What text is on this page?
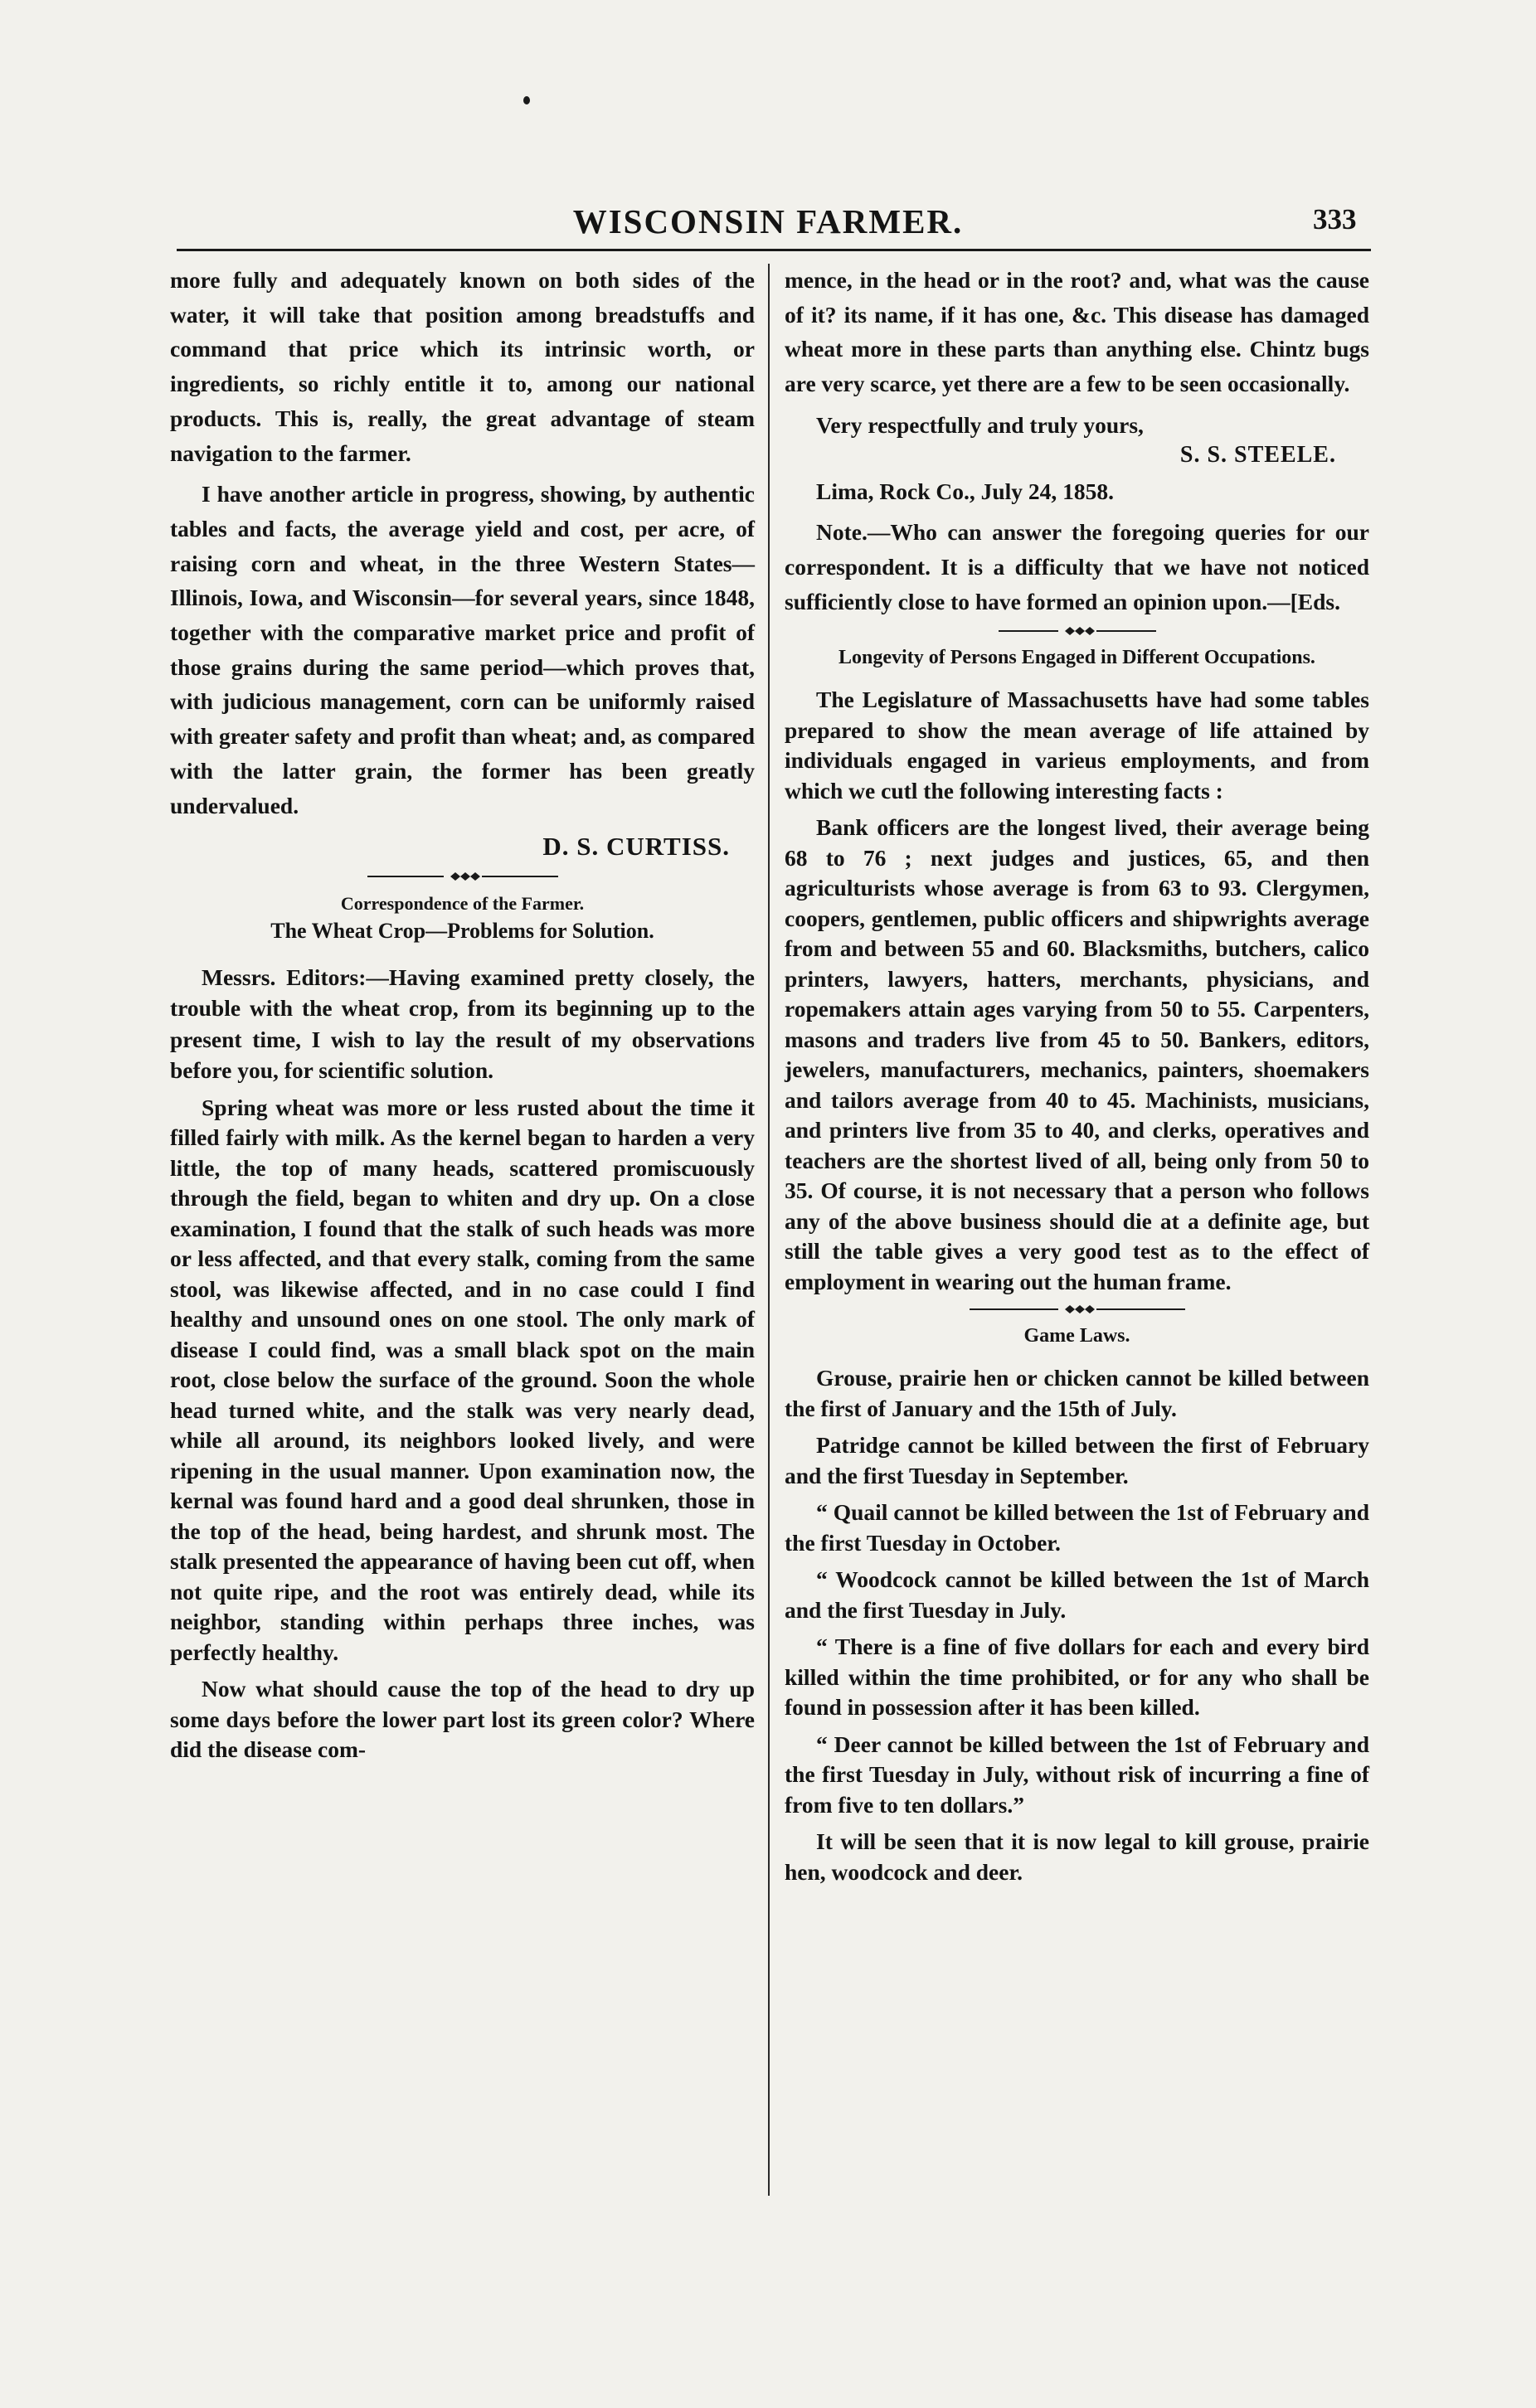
WISCONSIN FARMER.	333

more fully and adequately known on both sides of the water, it will take that position among breadstuffs and command that price which its intrinsic worth, or ingredients, so richly entitle it to, among our national products. This is, really, the great advantage of steam navigation to the farmer.

I have another article in progress, showing, by authentic tables and facts, the average yield and cost, per acre, of raising corn and wheat, in the three Western States—Illinois, Iowa, and Wisconsin—for several years, since 1848, together with the comparative market price and profit of those grains during the same period—which proves that, with judicious management, corn can be uniformly raised with greater safety and profit than wheat; and, as compared with the latter grain, the former has been greatly undervalued.

D. S. CURTISS.

Correspondence of the Farmer.

The Wheat Crop—Problems for Solution.

Messrs. Editors:—Having examined pretty closely, the trouble with the wheat crop, from its beginning up to the present time, I wish to lay the result of my observations before you, for scientific solution.

Spring wheat was more or less rusted about the time it filled fairly with milk. As the kernel began to harden a very little, the top of many heads, scattered promiscuously through the field, began to whiten and dry up. On a close examination, I found that the stalk of such heads was more or less affected, and that every stalk, coming from the same stool, was likewise affected, and in no case could I find healthy and unsound ones on one stool. The only mark of disease I could find, was a small black spot on the main root, close below the surface of the ground. Soon the whole head turned white, and the stalk was very nearly dead, while all around, its neighbors looked lively, and were ripening in the usual manner. Upon examination now, the kernal was found hard and a good deal shrunken, those in the top of the head, being hardest, and shrunk most. The stalk presented the appearance of having been cut off, when not quite ripe, and the root was entirely dead, while its neighbor, standing within perhaps three inches, was perfectly healthy.

Now what should cause the top of the head to dry up some days before the lower part lost its green color? Where did the disease com-

mence, in the head or in the root? and, what was the cause of it? its name, if it has one, &c. This disease has damaged wheat more in these parts than anything else. Chintz bugs are very scarce, yet there are a few to be seen occasionally.

Very respectfully and truly yours,

S. S. STEELE.

Lima, Rock Co., July 24, 1858.

Note.—Who can answer the foregoing queries for our correspondent. It is a difficulty that we have not noticed sufficiently close to have formed an opinion upon.—[Eds.

Longevity of Persons Engaged in Different Occupations.

The Legislature of Massachusetts have had some tables prepared to show the mean average of life attained by individuals engaged in varieus employments, and from which we cutl the following interesting facts :

Bank officers are the longest lived, their average being 68 to 76 ; next judges and justices, 65, and then agriculturists whose average is from 63 to 93. Clergymen, coopers, gentlemen, public officers and shipwrights average from and between 55 and 60. Blacksmiths, butchers, calico printers, lawyers, hatters, merchants, physicians, and ropemakers attain ages varying from 50 to 55. Carpenters, masons and traders live from 45 to 50. Bankers, editors, jewelers, manufacturers, mechanics, painters, shoemakers and tailors average from 40 to 45. Machinists, musicians, and printers live from 35 to 40, and clerks, operatives and teachers are the shortest lived of all, being only from 50 to 35. Of course, it is not necessary that a person who follows any of the above business should die at a definite age, but still the table gives a very good test as to the effect of employment in wearing out the human frame.

Game Laws.

Grouse, prairie hen or chicken cannot be killed between the first of January and the 15th of July.

Patridge cannot be killed between the first of February and the first Tuesday in September.

“ Quail cannot be killed between the 1st of February and the first Tuesday in October.

“ Woodcock cannot be killed between the 1st of March and the first Tuesday in July.

“ There is a fine of five dollars for each and every bird killed within the time prohibited, or for any who shall be found in possession after it has been killed.

“ Deer cannot be killed between the 1st of February and the first Tuesday in July, without risk of incurring a fine of from five to ten dollars.”

It will be seen that it is now legal to kill grouse, prairie hen, woodcock and deer.
